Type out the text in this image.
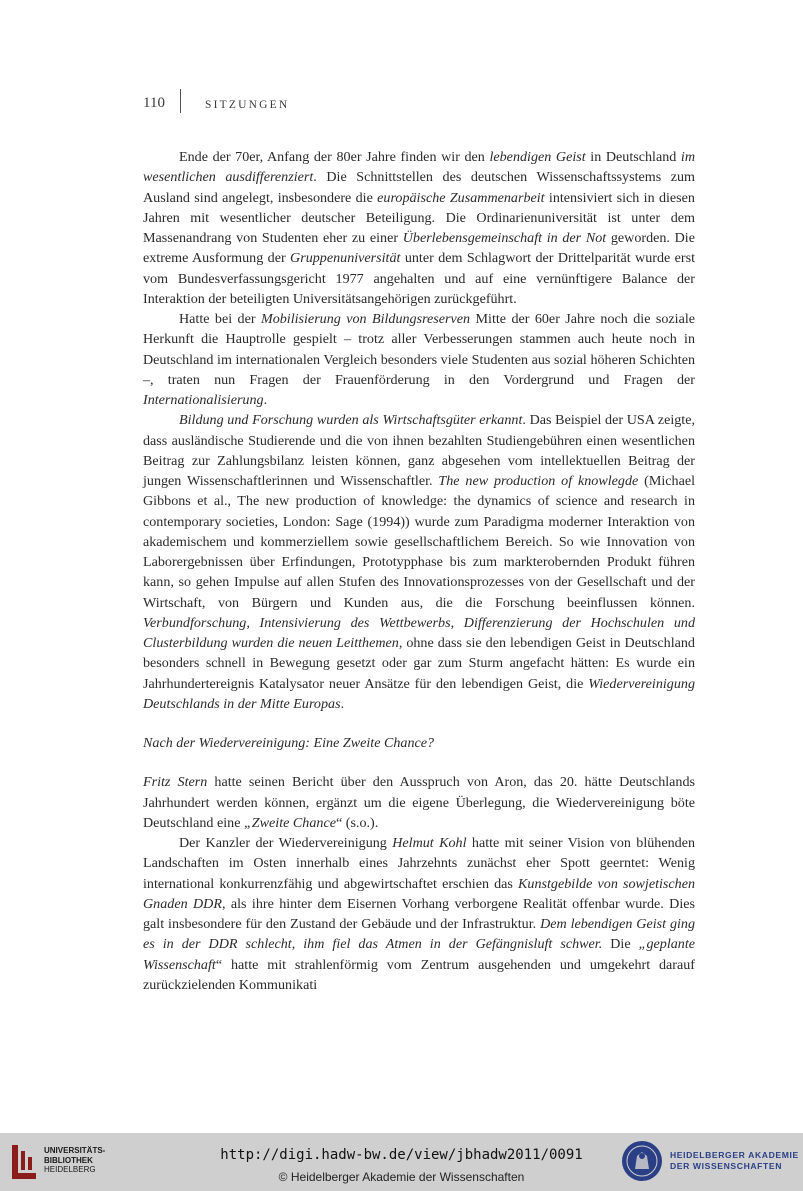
110	SITZUNGEN

Ende der 70er, Anfang der 80er Jahre finden wir den lebendigen Geist in Deutschland im wesentlichen ausdifferenziert. Die Schnittstellen des deutschen Wissenschaftssystems zum Ausland sind angelegt, insbesondere die europäische Zusammenarbeit intensiviert sich in diesen Jahren mit wesentlicher deutscher Beteiligung. Die Ordinarienuniversität ist unter dem Massenandrang von Studenten eher zu einer Überlebensgemeinschaft in der Not geworden. Die extreme Ausformung der Gruppenuniversität unter dem Schlagwort der Drittelparität wurde erst vom Bundesverfassungsgericht 1977 angehalten und auf eine vernünftigere Balance der Interaktion der beteiligten Universitätsangehörigen zurückgeführt.

Hatte bei der Mobilisierung von Bildungsreserven Mitte der 60er Jahre noch die soziale Herkunft die Hauptrolle gespielt – trotz aller Verbesserungen stammen auch heute noch in Deutschland im internationalen Vergleich besonders viele Studenten aus sozial höheren Schichten –, traten nun Fragen der Frauenförderung in den Vordergrund und Fragen der Internationalisierung.

Bildung und Forschung wurden als Wirtschaftsgüter erkannt. Das Beispiel der USA zeigte, dass ausländische Studierende und die von ihnen bezahlten Studiengebühren einen wesentlichen Beitrag zur Zahlungsbilanz leisten können, ganz abgesehen vom intellektuellen Beitrag der jungen Wissenschaftlerinnen und Wissenschaftler. The new production of knowlegde (Michael Gibbons et al., The new production of knowledge: the dynamics of science and research in contemporary societies, London: Sage (1994)) wurde zum Paradigma moderner Interaktion von akademischem und kommerziellem sowie gesellschaftlichem Bereich. So wie Innovation von Laborergebnissen über Erfindungen, Prototypphase bis zum markterobernden Produkt führen kann, so gehen Impulse auf allen Stufen des Innovationsprozesses von der Gesellschaft und der Wirtschaft, von Bürgern und Kunden aus, die die Forschung beeinflussen können. Verbundforschung, Intensivierung des Wettbewerbs, Differenzierung der Hochschulen und Clusterbildung wurden die neuen Leitthemen, ohne dass sie den lebendigen Geist in Deutschland besonders schnell in Bewegung gesetzt oder gar zum Sturm angefacht hätten: Es wurde ein Jahrhundertereignis Katalysator neuer Ansätze für den lebendigen Geist, die Wiedervereinigung Deutschlands in der Mitte Europas.

Nach der Wiedervereinigung: Eine Zweite Chance?

Fritz Stern hatte seinen Bericht über den Ausspruch von Aron, das 20. hätte Deutschlands Jahrhundert werden können, ergänzt um die eigene Überlegung, die Wiedervereinigung böte Deutschland eine „Zweite Chance“ (s.o.).

Der Kanzler der Wiedervereinigung Helmut Kohl hatte mit seiner Vision von blühenden Landschaften im Osten innerhalb eines Jahrzehnts zunächst eher Spott geerntet: Wenig international konkurrenzfähig und abgewirtschaftet erschien das Kunstgebilde von sowjetischen Gnaden DDR, als ihre hinter dem Eisernen Vorhang verborgene Realität offenbar wurde. Dies galt insbesondere für den Zustand der Gebäude und der Infrastruktur. Dem lebendigen Geist ging es in der DDR schlecht, ihm fiel das Atmen in der Gefängnisluft schwer. Die „geplante Wissenschaft“ hatte mit strahlenförmig vom Zentrum ausgehenden und umgekehrt darauf zurückzielenden Kommunikati

UNIVERSITÄTS-
BIBLIOTHEK
HEIDELBERG
http://digi.hadw-bw.de/view/jbhadw2011/0091
© Heidelberger Akademie der Wissenschaften
HEIDELBERGER AKADEMIE
DER WISSENSCHAFTEN
